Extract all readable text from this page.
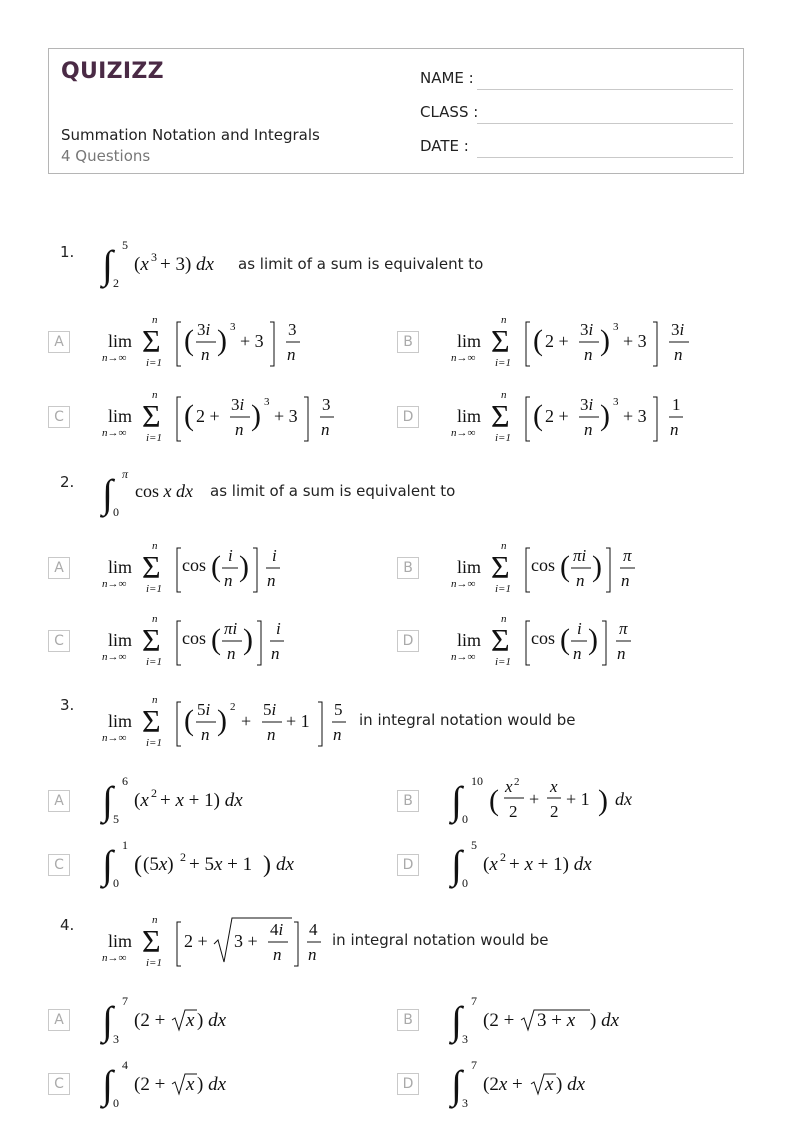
QUIZIZZ
Summation Notation and Integrals
4 Questions
NAME :
CLASS :
DATE :
1. ∫ 5
2
(x 3 + 3) dx as limit of a sum is equivalent to
A	lim
n→∞ Σ
n
i=1
( 3i
n ) 3
+ 3
3
n
B	lim
n→∞ Σ
n
i=1
( 2 +
3i
n ) 3
+ 3
3i
n
C	lim
n→∞ Σ
n
i=1
( 2 +
3i
n ) 3
+ 3
3
n
D	lim
n→∞ Σ
n
i=1
( 2 +
3i
n ) 3
+ 3
1
n
2. ∫ π
0
cos x dx as limit of a sum is equivalent to
A	lim
n→∞ Σ
n
i=1
cos ( i
n ) i
n
B	lim
n→∞ Σ
n
i=1
cos ( πi
n ) π
n
C	lim
n→∞ Σ
n
i=1
cos ( πi
n ) i
n
D	lim
n→∞ Σ
n
i=1
cos ( i
n ) π
n
3.
lim
n→∞ Σ
n
i=1
( 5i
n ) 2
+
5i
n
+ 1
5
n
in integral notation would be
A ∫ 6
5
(x 2 + x + 1) dx	B ∫ 10
0
( x 2
2
+
x
2
+ 1 ) dx
C ∫ 1
0
( (5x) 2 + 5x + 1 ) dx	D ∫ 5
0
(x 2 + x + 1) dx
4.
lim
n→∞ Σ
n
i=1
2 + 3 +
4i
n
4
n
in integral notation would be
A ∫ 7
3
(2 + x ) dx	B ∫ 7
3
(2 + 3 + x ) dx
C ∫ 4
0
(2 + x ) dx	D ∫ 7
3
(2x + x ) dx
